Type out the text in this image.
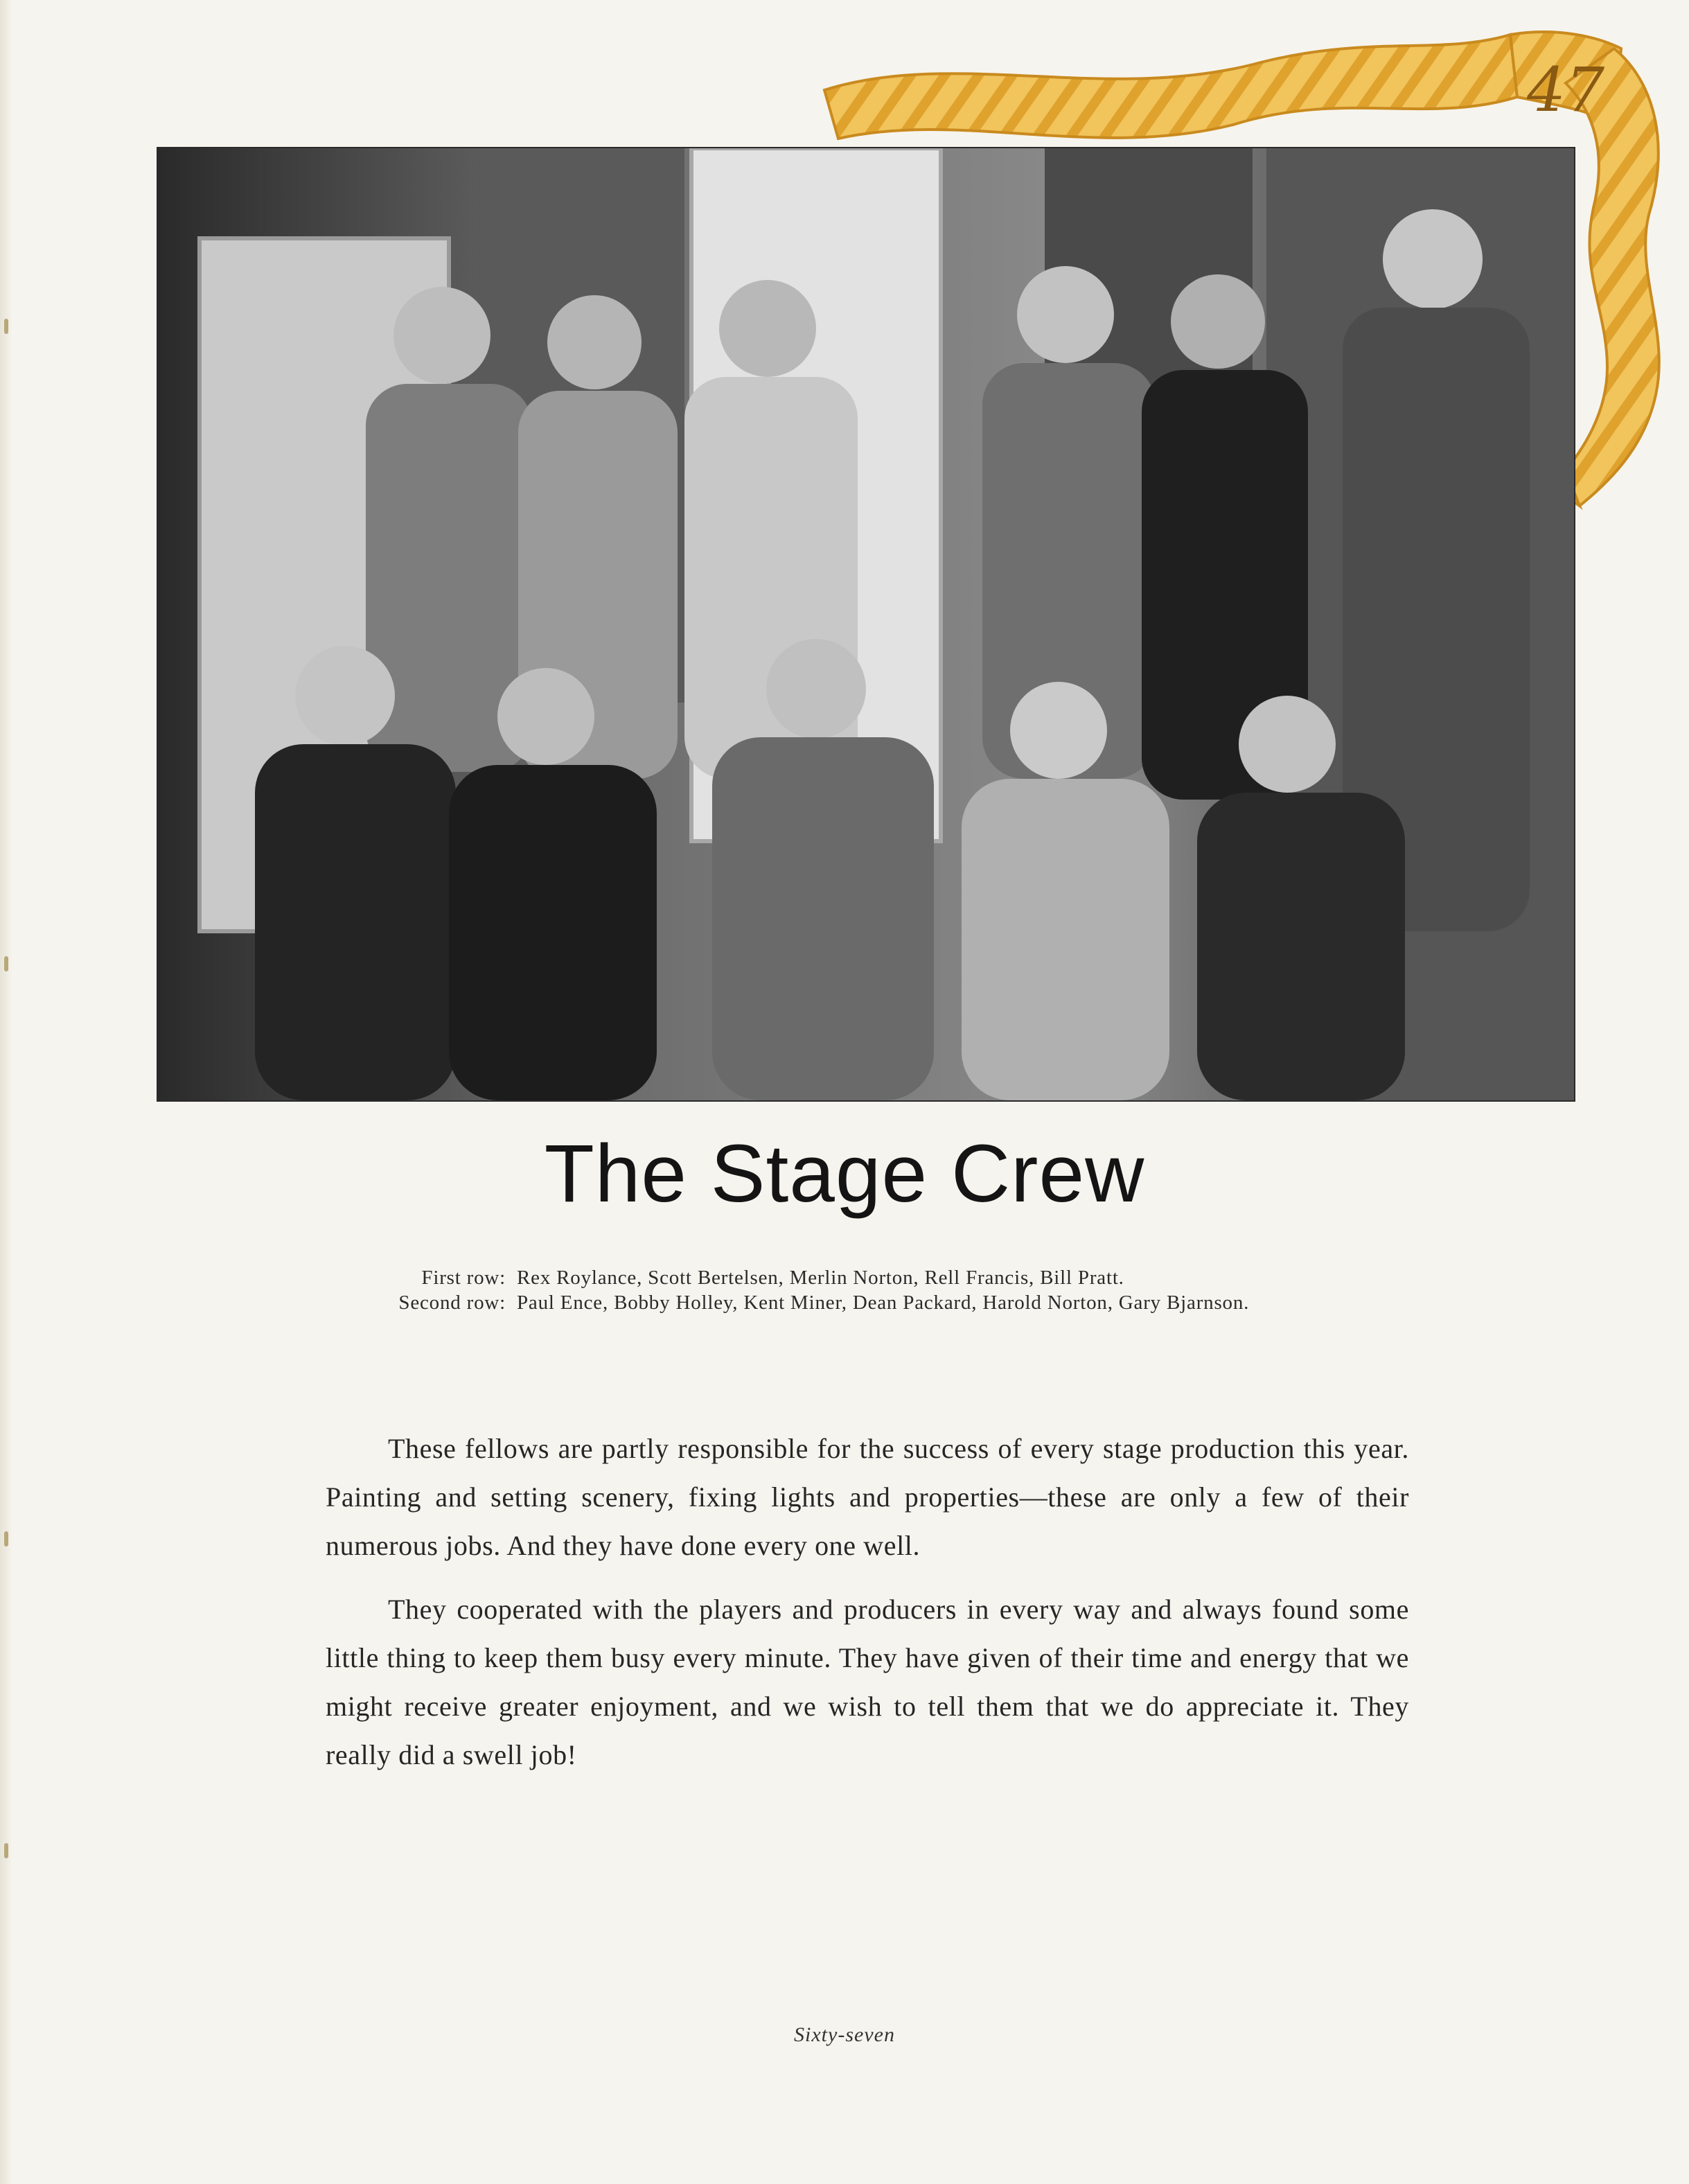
47
The Stage Crew
First row: Rex Roylance, Scott Bertelsen, Merlin Norton, Rell Francis, Bill Pratt.
Second row: Paul Ence, Bobby Holley, Kent Miner, Dean Packard, Harold Norton, Gary Bjarnson.

These fellows are partly responsible for the success of every stage production this year. Painting and setting scenery, fixing lights and properties—these are only a few of their numerous jobs. And they have done every one well.

They cooperated with the players and producers in every way and always found some little thing to keep them busy every minute. They have given of their time and energy that we might receive greater enjoyment, and we wish to tell them that we do appreciate it. They really did a swell job!

Sixty-seven
